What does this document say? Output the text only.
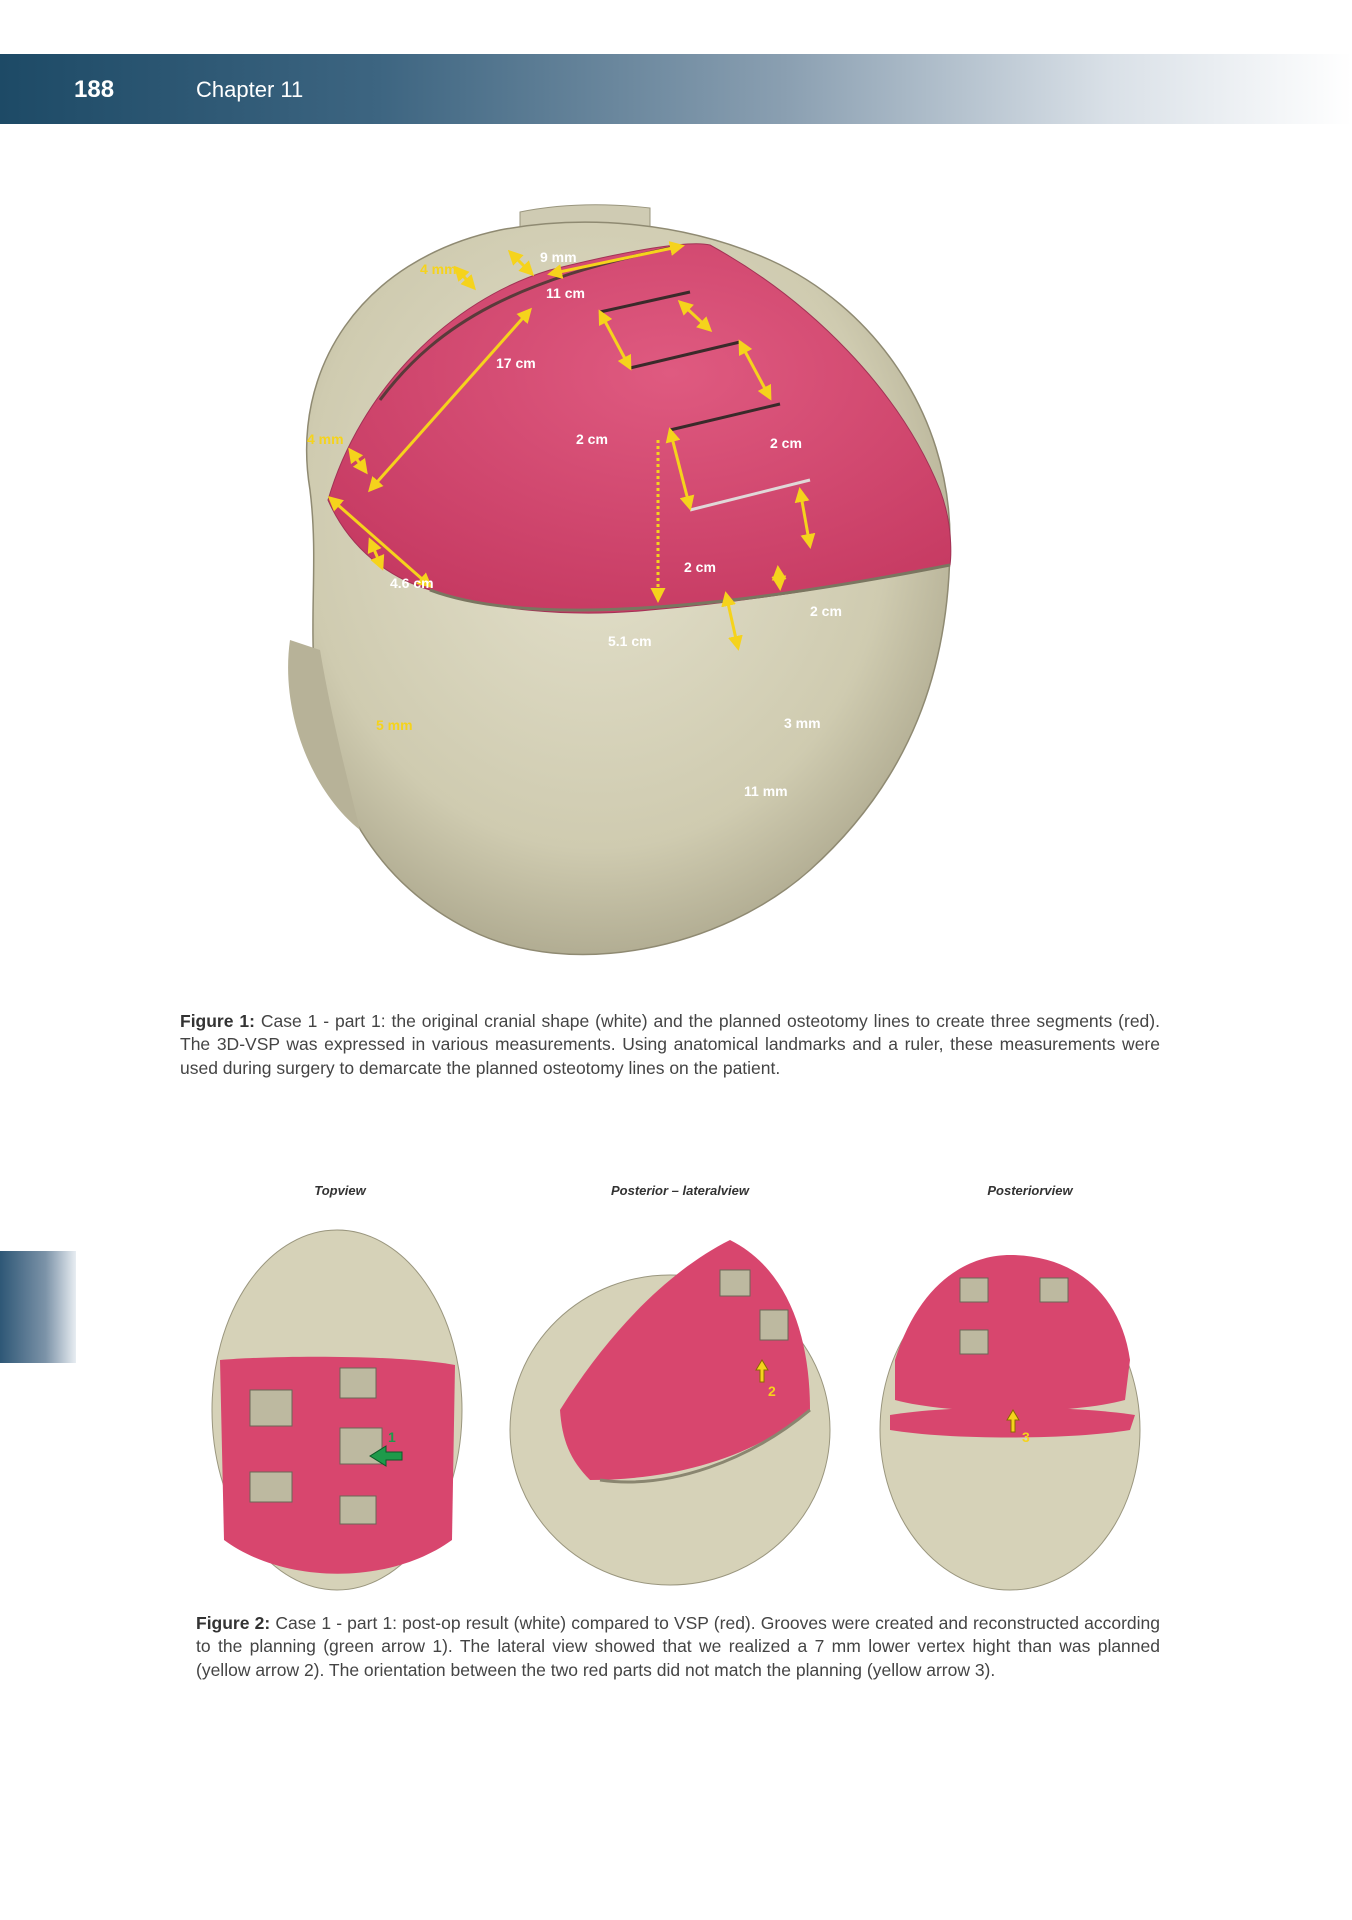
188	Chapter 11
9 mm
4 mm
11 cm
17 cm
4 mm	2 cm	2 cm
2 cm
2 cm
4.6 cm
5.1 cm
5 mm	3 mm
11 mm
Figure 1: Case 1 - part 1: the original cranial shape (white) and the planned osteotomy lines to create three segments (red). The 3D-VSP was expressed in various measurements. Using anatomical landmarks and a ruler, these measurements were used during surgery to demarcate the planned osteotomy lines on the patient.
Topview	Posterior – lateralview	Posteriorview
1
2
3
Figure 2: Case 1 - part 1: post-op result (white) compared to VSP (red). Grooves were created and reconstructed according to the planning (green arrow 1). The lateral view showed that we realized a 7 mm lower vertex hight than was planned (yellow arrow 2). The orientation between the two red parts did not match the planning (yellow arrow 3).
